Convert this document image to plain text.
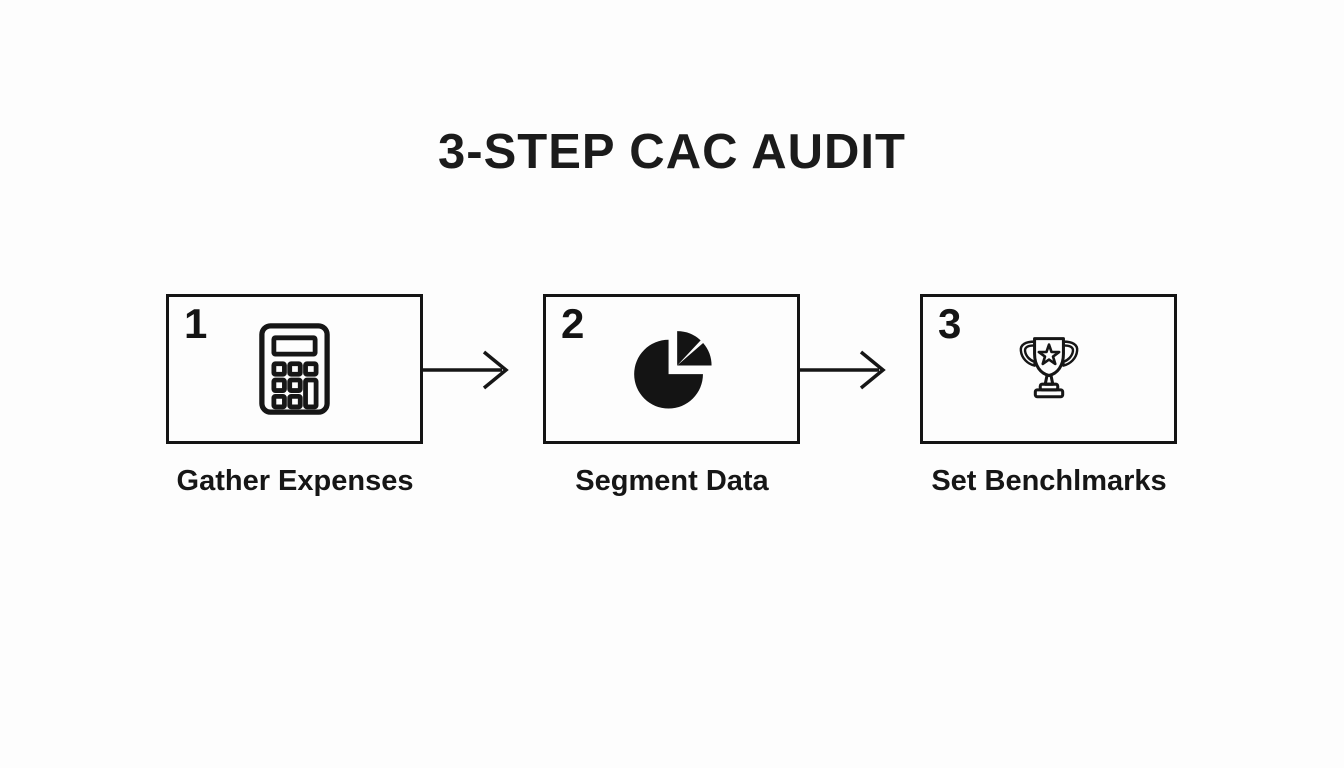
3-STEP CAC AUDIT
1
Gather Expenses
2
Segment Data
3
Set Benchlmarks
